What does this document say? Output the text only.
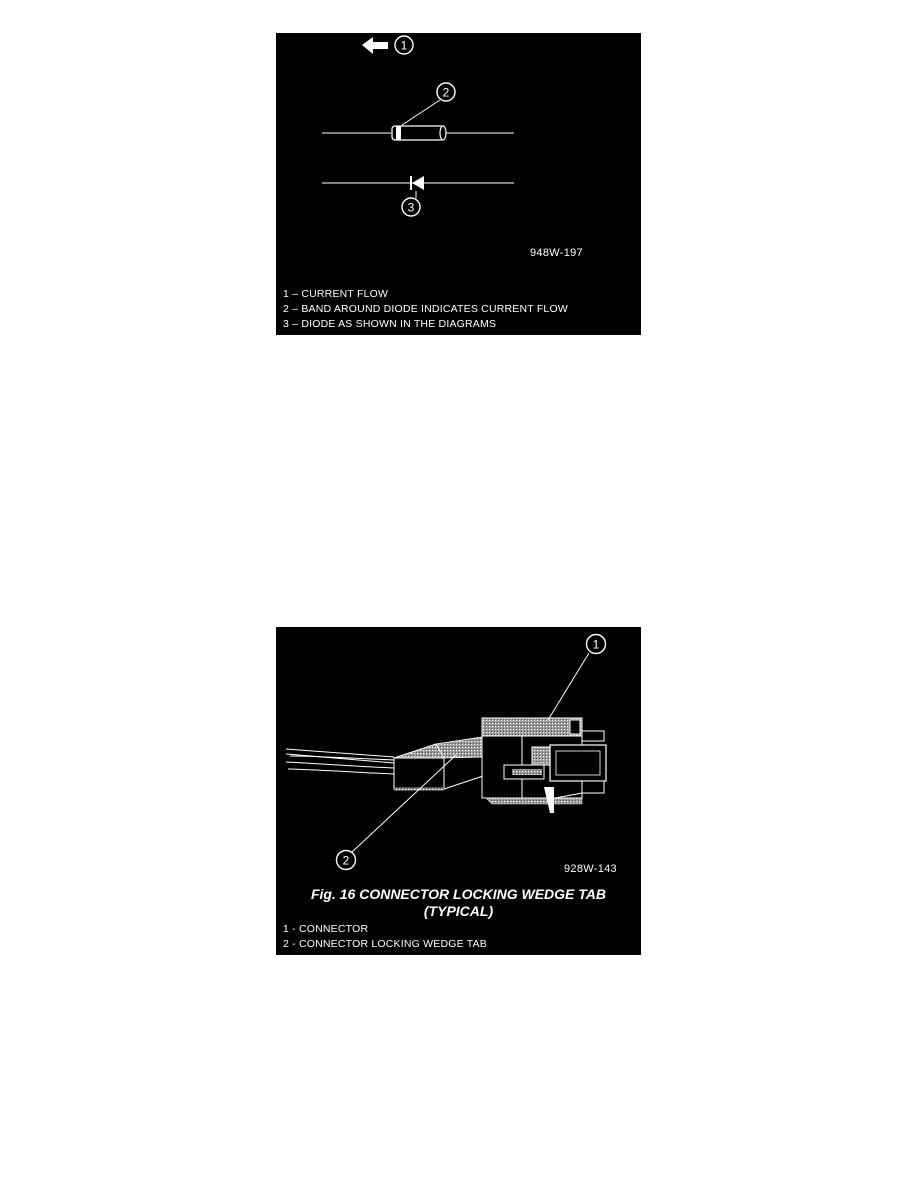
1
2
3
948W-197
1 – CURRENT FLOW
2 – BAND AROUND DIODE INDICATES CURRENT FLOW
3 – DIODE AS SHOWN IN THE DIAGRAMS
1
2
928W-143
Fig. 16 CONNECTOR LOCKING WEDGE TAB
(TYPICAL)
1 - CONNECTOR
2 - CONNECTOR LOCKING WEDGE TAB
